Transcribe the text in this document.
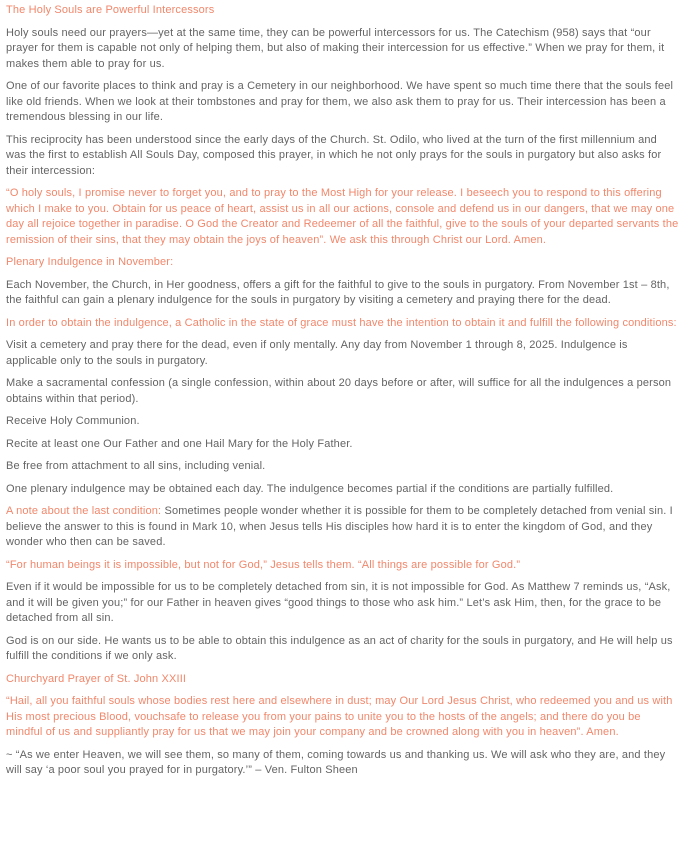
The Holy Souls are Powerful Intercessors

Holy souls need our prayers—yet at the same time, they can be powerful intercessors for us. The Catechism (958) says that “our prayer for them is capable not only of helping them, but also of making their intercession for us effective.” When we pray for them, it makes them able to pray for us.

One of our favorite places to think and pray is a Cemetery in our neighborhood. We have spent so much time there that the souls feel like old friends. When we look at their tombstones and pray for them, we also ask them to pray for us. Their intercession has been a tremendous blessing in our life.

This reciprocity has been understood since the early days of the Church. St. Odilo, who lived at the turn of the first millennium and was the first to establish All Souls Day, composed this prayer, in which he not only prays for the souls in purgatory but also asks for their intercession:

“O holy souls, I promise never to forget you, and to pray to the Most High for your release. I beseech you to respond to this offering which I make to you. Obtain for us peace of heart, assist us in all our actions, console and defend us in our dangers, that we may one day all rejoice together in paradise. O God the Creator and Redeemer of all the faithful, give to the souls of your departed servants the remission of their sins, that they may obtain the joys of heaven”. We ask this through Christ our Lord. Amen.

Plenary Indulgence in November:

Each November, the Church, in Her goodness, offers a gift for the faithful to give to the souls in purgatory. From November 1st – 8th, the faithful can gain a plenary indulgence for the souls in purgatory by visiting a cemetery and praying there for the dead.

In order to obtain the indulgence, a Catholic in the state of grace must have the intention to obtain it and fulfill the following conditions:

Visit a cemetery and pray there for the dead, even if only mentally. Any day from November 1 through 8, 2025. Indulgence is applicable only to the souls in purgatory.

Make a sacramental confession (a single confession, within about 20 days before or after, will suffice for all the indulgences a person obtains within that period).

Receive Holy Communion.

Recite at least one Our Father and one Hail Mary for the Holy Father.

Be free from attachment to all sins, including venial.

One plenary indulgence may be obtained each day. The indulgence becomes partial if the conditions are partially fulfilled.

A note about the last condition: Sometimes people wonder whether it is possible for them to be completely detached from venial sin. I believe the answer to this is found in Mark 10, when Jesus tells His disciples how hard it is to enter the kingdom of God, and they wonder who then can be saved.

“For human beings it is impossible, but not for God,” Jesus tells them. “All things are possible for God.”

Even if it would be impossible for us to be completely detached from sin, it is not impossible for God. As Matthew 7 reminds us, “Ask, and it will be given you;” for our Father in heaven gives “good things to those who ask him.” Let’s ask Him, then, for the grace to be detached from all sin.

God is on our side. He wants us to be able to obtain this indulgence as an act of charity for the souls in purgatory, and He will help us fulfill the conditions if we only ask.

Churchyard Prayer of St. John XXIII

“Hail, all you faithful souls whose bodies rest here and elsewhere in dust; may Our Lord Jesus Christ, who redeemed you and us with His most precious Blood, vouchsafe to release you from your pains to unite you to the hosts of the angels; and there do you be mindful of us and suppliantly pray for us that we may join your company and be crowned along with you in heaven”. Amen.

~ “As we enter Heaven, we will see them, so many of them, coming towards us and thanking us. We will ask who they are, and they will say ‘a poor soul you prayed for in purgatory.’” – Ven. Fulton Sheen
